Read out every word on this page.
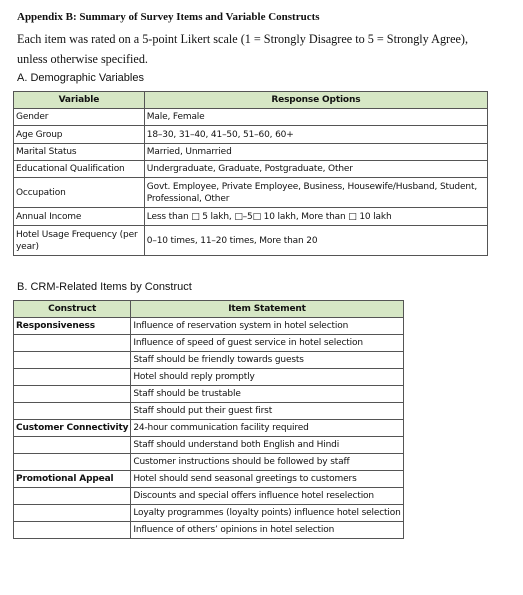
Appendix B: Summary of Survey Items and Variable Constructs
Each item was rated on a 5-point Likert scale (1 = Strongly Disagree to 5 = Strongly Agree), unless otherwise specified.
A. Demographic Variables
Variable	Response Options
Gender	Male, Female
Age Group	18–30, 31–40, 41–50, 51–60, 60+
Marital Status	Married, Unmarried
Educational Qualification	Undergraduate, Graduate, Postgraduate, Other
Occupation	Govt. Employee, Private Employee, Business, Housewife/Husband, Student, Professional, Other
Annual Income	Less than □ 5 lakh, □–5□ 10 lakh, More than □ 10 lakh
Hotel Usage Frequency (per year)	0–10 times, 11–20 times, More than 20
B. CRM-Related Items by Construct
Construct	Item Statement
Responsiveness	Influence of reservation system in hotel selection
	Influence of speed of guest service in hotel selection
	Staff should be friendly towards guests
	Hotel should reply promptly
	Staff should be trustable
	Staff should put their guest first
Customer Connectivity	24-hour communication facility required
	Staff should understand both English and Hindi
	Customer instructions should be followed by staff
Promotional Appeal	Hotel should send seasonal greetings to customers
	Discounts and special offers influence hotel reselection
	Loyalty programmes (loyalty points) influence hotel selection
	Influence of others’ opinions in hotel selection
